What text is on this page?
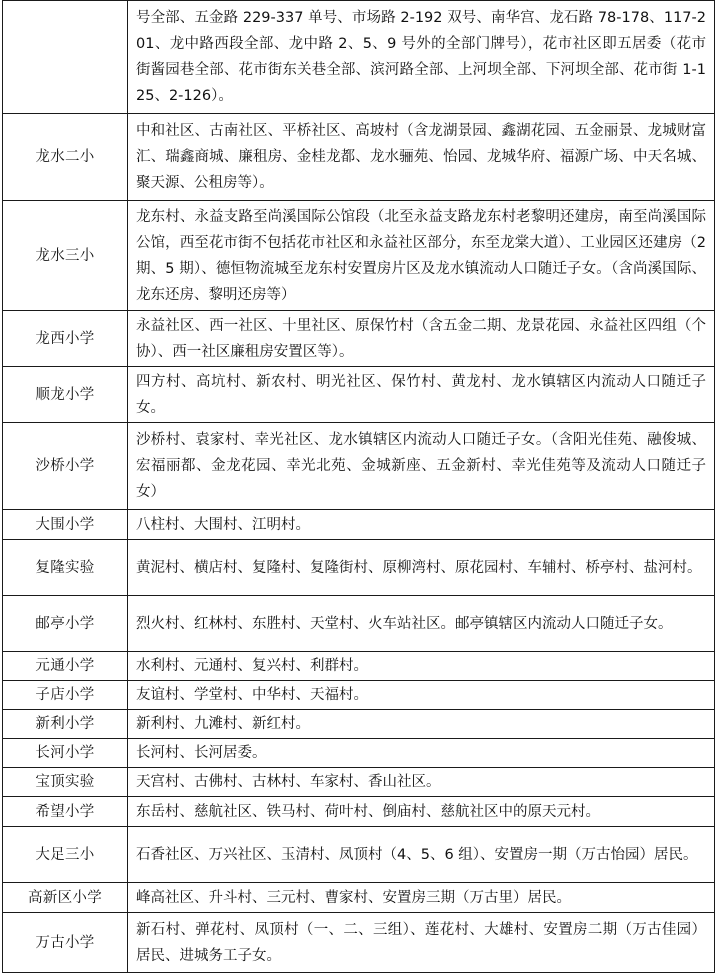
	号全部、五金路 229-337 单号、市场路 2-192 双号、南华宫、龙石路 78-178、117-201、龙中路西段全部、龙中路 2、5、9 号外的全部门牌号），花市社区即五居委（花市街酱园巷全部、花市街东关巷全部、滨河路全部、上河坝全部、下河坝全部、花市街 1-125、2-126）。
龙水二小	中和社区、古南社区、平桥社区、高坡村（含龙湖景园、鑫湖花园、五金丽景、龙城财富汇、瑞鑫商城、廉租房、金桂龙都、龙水骊苑、怡园、龙城华府、福源广场、中天名城、聚天源、公租房等）。
龙水三小	龙东村、永益支路至尚溪国际公馆段（北至永益支路龙东村老黎明还建房，南至尚溪国际公馆，西至花市街不包括花市社区和永益社区部分，东至龙棠大道）、工业园区还建房（2 期、5 期）、德恒物流城至龙东村安置房片区及龙水镇流动人口随迁子女。（含尚溪国际、龙东还房、黎明还房等）
龙西小学	永益社区、西一社区、十里社区、原保竹村（含五金二期、龙景花园、永益社区四组（个协）、西一社区廉租房安置区等）。
顺龙小学	四方村、高坑村、新农村、明光社区、保竹村、黄龙村、龙水镇辖区内流动人口随迁子女。
沙桥小学	沙桥村、袁家村、幸光社区、龙水镇辖区内流动人口随迁子女。（含阳光佳苑、融俊城、宏福丽都、金龙花园、幸光北苑、金城新座、五金新村、幸光佳苑等及流动人口随迁子女）
大围小学	八柱村、大围村、江明村。
复隆实验	黄泥村、横店村、复隆村、复隆街村、原柳湾村、原花园村、车辅村、桥亭村、盐河村。
邮亭小学	烈火村、红林村、东胜村、天堂村、火车站社区。邮亭镇辖区内流动人口随迁子女。
元通小学	水利村、元通村、复兴村、利群村。
子店小学	友谊村、学堂村、中华村、天福村。
新利小学	新利村、九滩村、新红村。
长河小学	长河村、长河居委。
宝顶实验	天宫村、古佛村、古林村、车家村、香山社区。
希望小学	东岳村、慈航社区、铁马村、荷叶村、倒庙村、慈航社区中的原天元村。
大足三小	石香社区、万兴社区、玉清村、凤顶村（4、5、6 组）、安置房一期（万古怡园）居民。
高新区小学	峰高社区、升斗村、三元村、曹家村、安置房三期（万古里）居民。
万古小学	新石村、弹花村、凤顶村（一、二、三组）、莲花村、大雄村、安置房二期（万古佳园）居民、进城务工子女。
